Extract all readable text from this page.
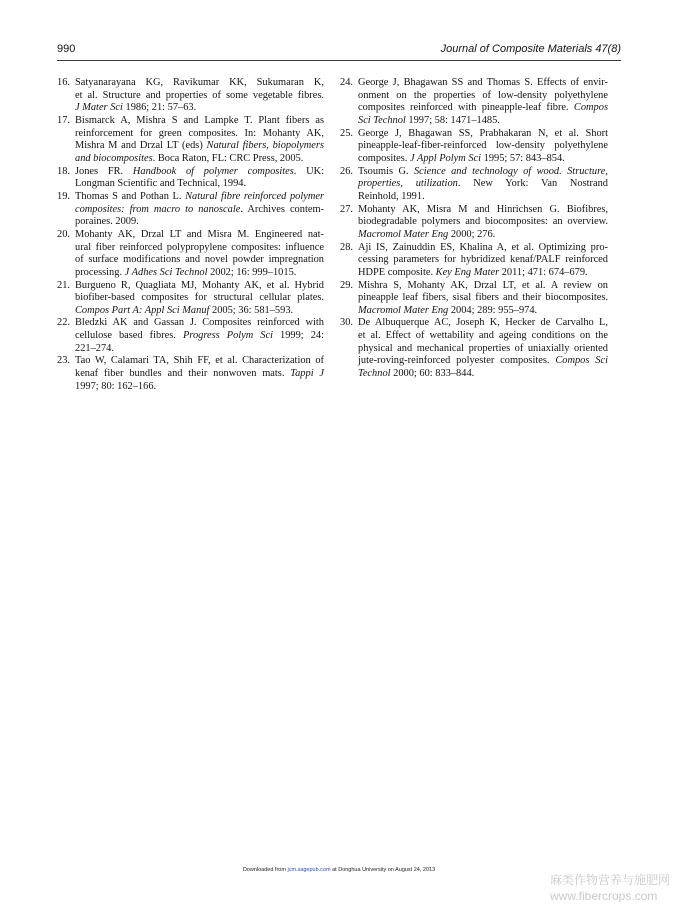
990	Journal of Composite Materials 47(8)
16. Satyanarayana KG, Ravikumar KK, Sukumaran K,
et al. Structure and properties of some vegetable fibres.
J Mater Sci 1986; 21: 57–63.
17. Bismarck A, Mishra S and Lampke T. Plant fibers as
reinforcement for green composites. In: Mohanty AK,
Mishra M and Drzal LT (eds) Natural fibers, biopolymers
and biocomposites. Boca Raton, FL: CRC Press, 2005.
18. Jones FR. Handbook of polymer composites. UK:
Longman Scientific and Technical, 1994.
19. Thomas S and Pothan L. Natural fibre reinforced polymer
composites: from macro to nanoscale. Archives contem-
poraines. 2009.
20. Mohanty AK, Drzal LT and Misra M. Engineered nat-
ural fiber reinforced polypropylene composites: influence
of surface modifications and novel powder impregnation
processing. J Adhes Sci Technol 2002; 16: 999–1015.
21. Burgueno R, Quagliata MJ, Mohanty AK, et al. Hybrid
biofiber-based composites for structural cellular plates.
Compos Part A: Appl Sci Manuf 2005; 36: 581–593.
22. Bledzki AK and Gassan J. Composites reinforced with
cellulose based fibres. Progress Polym Sci 1999; 24:
221–274.
23. Tao W, Calamari TA, Shih FF, et al. Characterization of
kenaf fiber bundles and their nonwoven mats. Tappi J
1997; 80: 162–166.
24. George J, Bhagawan SS and Thomas S. Effects of envir-
onment on the properties of low-density polyethylene
composites reinforced with pineapple-leaf fibre. Compos
Sci Technol 1997; 58: 1471–1485.
25. George J, Bhagawan SS, Prabhakaran N, et al. Short
pineapple-leaf-fiber-reinforced low-density polyethylene
composites. J Appl Polym Sci 1995; 57: 843–854.
26. Tsoumis G. Science and technology of wood. Structure,
properties, utilization. New York: Van Nostrand
Reinhold, 1991.
27. Mohanty AK, Misra M and Hinrichsen G. Biofibres,
biodegradable polymers and biocomposites: an overview.
Macromol Mater Eng 2000; 276.
28. Aji IS, Zainuddin ES, Khalina A, et al. Optimizing pro-
cessing parameters for hybridized kenaf/PALF reinforced
HDPE composite. Key Eng Mater 2011; 471: 674–679.
29. Mishra S, Mohanty AK, Drzal LT, et al. A review on
pineapple leaf fibers, sisal fibers and their biocomposites.
Macromol Mater Eng 2004; 289: 955–974.
30. De Albuquerque AC, Joseph K, Hecker de Carvalho L,
et al. Effect of wettability and ageing conditions on the
physical and mechanical properties of uniaxially oriented
jute-roving-reinforced polyester composites. Compos Sci
Technol 2000; 60: 833–844.
Downloaded from jcm.sagepub.com at Donghua University on August 24, 2013
麻类作物营养与施肥网
www.fibercrops.com
